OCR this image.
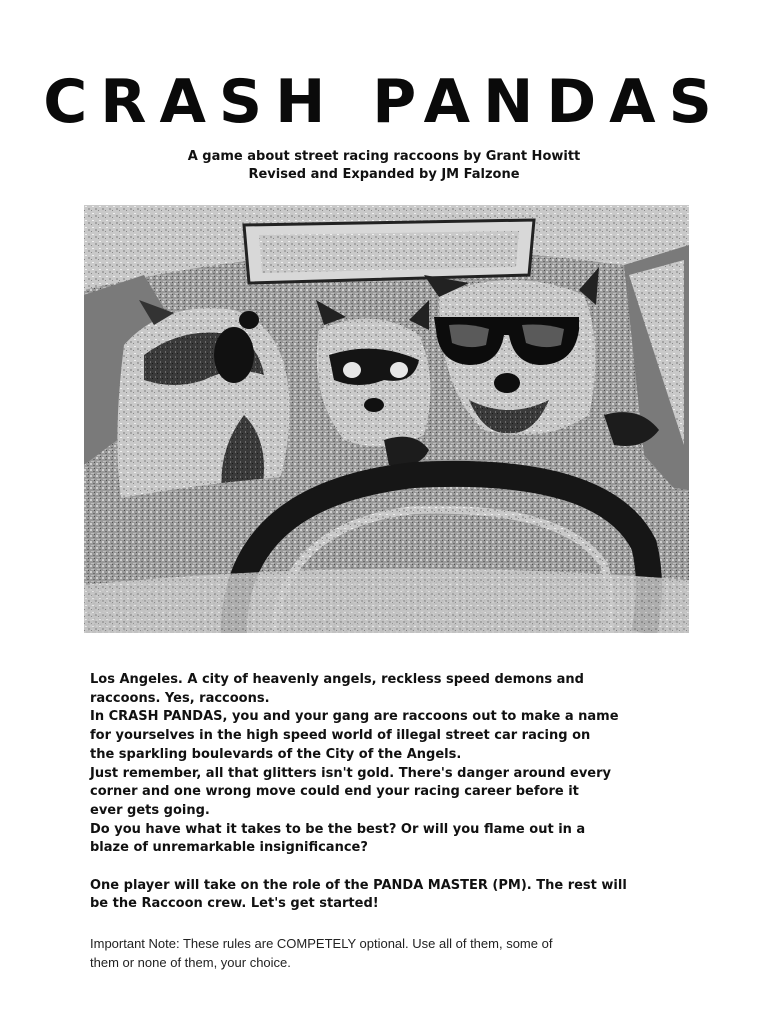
CRASH PANDAS
A game about street racing raccoons by Grant Howitt
Revised and Expanded by JM Falzone
Los Angeles. A city of heavenly angels, reckless speed demons and
raccoons. Yes, raccoons.
In CRASH PANDAS, you and your gang are raccoons out to make a name
for yourselves in the high speed world of illegal street car racing on
the sparkling boulevards of the City of the Angels.
Just remember, all that glitters isn't gold. There's danger around every
corner and one wrong move could end your racing career before it
ever gets going.
Do you have what it takes to be the best? Or will you flame out in a
blaze of unremarkable insignificance?
One player will take on the role of the PANDA MASTER (PM). The rest will
be the Raccoon crew. Let's get started!
Important Note: These rules are COMPETELY optional. Use all of them, some of
them or none of them, your choice.
